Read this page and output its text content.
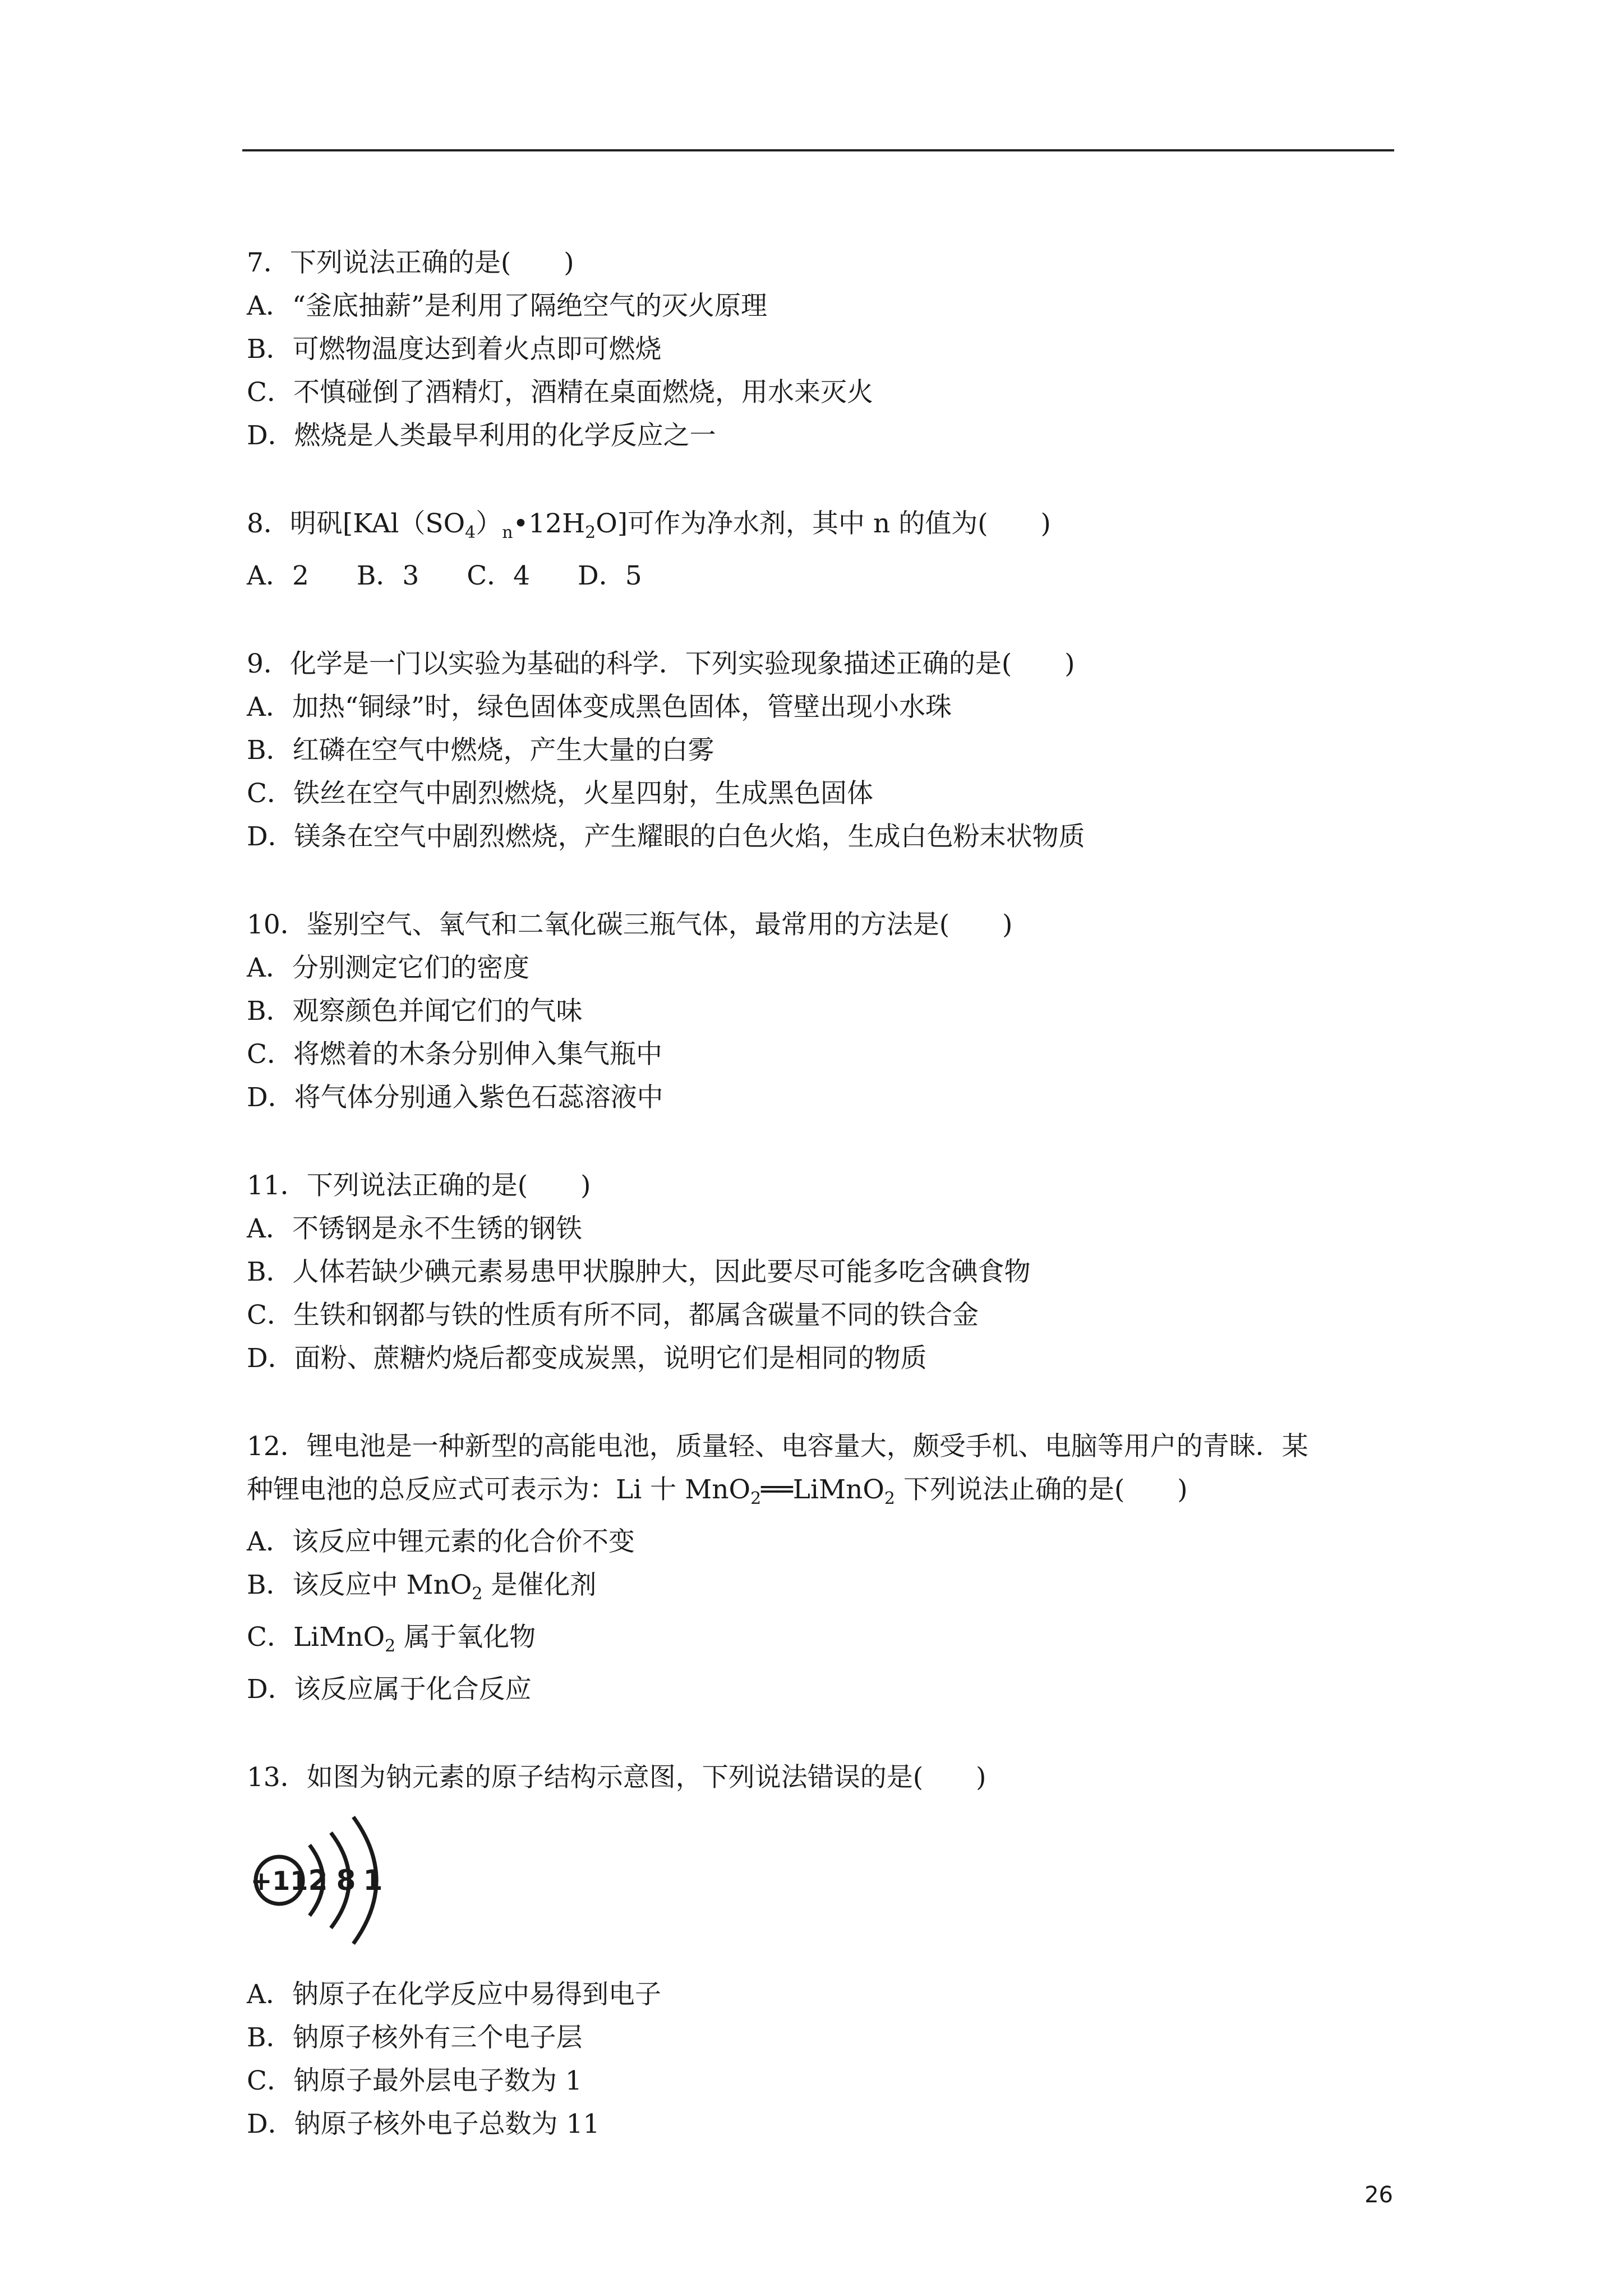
7．下列说法正确的是(　　)
A．“釜底抽薪”是利用了隔绝空气的灭火原理
B．可燃物温度达到着火点即可燃烧
C．不慎碰倒了酒精灯，酒精在桌面燃烧，用水来灭火
D．燃烧是人类最早利用的化学反应之一
8．明矾$[KAl(SO_4)_n•12H_2O]$可作为净水剂，其中 n 的值为(　　)
A．2 B．3 C．4 D．5
9．化学是一门以实验为基础的科学．下列实验现象描述正确的是(　　)
A．加热“铜绿”时，绿色固体变成黑色固体，管壁出现小水珠
B．红磷在空气中燃烧，产生大量的白雾
C．铁丝在空气中剧烈燃烧，火星四射，生成黑色固体
D．镁条在空气中剧烈燃烧，产生耀眼的白色火焰，生成白色粉末状物质
10．鉴别空气、氧气和二氧化碳三瓶气体，最常用的方法是(　　)
A．分别测定它们的密度
B．观察颜色并闻它们的气味
C．将燃着的木条分别伸入集气瓶中
D．将气体分别通入紫色石蕊溶液中
11．下列说法正确的是(　　)
A．不锈钢是永不生锈的钢铁
B．人体若缺少碘元素易患甲状腺肿大，因此要尽可能多吃含碘食物
C．生铁和钢都与铁的性质有所不同，都属含碳量不同的铁合金
D．面粉、蔗糖灼烧后都变成炭黑，说明它们是相同的物质
12．锂电池是一种新型的高能电池，质量轻、电容量大，颇受手机、电脑等用户的青睐．某
种锂电池的总反应式可表示为：Li 十 MnO$_2$══LiMnO$_2$ 下列说法止确的是(　　)
A．该反应中锂元素的化合价不变
B．该反应中 MnO$_2$ 是催化剂
C．LiMnO$_2$ 属于氧化物
D．该反应属于化合反应
13．如图为钠元素的原子结构示意图，下列说法错误的是(　　)
+11 2 8 1
A．钠原子在化学反应中易得到电子
B．钠原子核外有三个电子层
C．钠原子最外层电子数为 1
D．钠原子核外电子总数为 11
26
